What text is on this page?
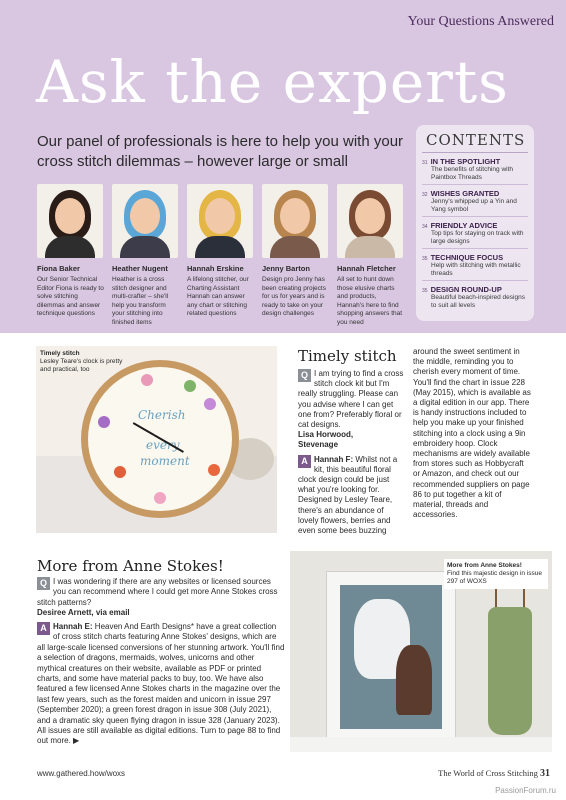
Your Questions Answered
Ask the experts
Our panel of professionals is here to help you with your cross stitch dilemmas – however large or small
Fiona Baker
Our Senior Technical Editor Fiona is ready to solve stitching dilemmas and answer technique questions
Heather Nugent
Heather is a cross stitch designer and multi-crafter – she'll help you transform your stitching into finished items
Hannah Erskine
A lifelong stitcher, our Charting Assistant Hannah can answer any chart or stitching related questions
Jenny Barton
Design pro Jenny has been creating projects for us for years and is ready to take on your design challenges
Hannah Fletcher
All set to hunt down those elusive charts and products, Hannah's here to find shopping answers that you need
CONTENTS
31 IN THE SPOTLIGHT
The benefits of stitching with Paintbox Threads
32 WISHES GRANTED
Jenny's whipped up a Yin and Yang symbol
34 FRIENDLY ADVICE
Top tips for staying on track with large designs
35 TECHNIQUE FOCUS
Help with stitching with metallic threads
35 DESIGN ROUND-UP
Beautiful beach-inspired designs to suit all levels
Cherish
every
moment
Timely stitch
Lesley Teare's clock is pretty and practical, too
Timely stitch
Q I am trying to find a cross stitch clock kit but I'm really struggling. Please can you advise where I can get one from? Preferably floral or cat designs.
Lisa Horwood,
Stevenage
A Hannah F: Whilst not a kit, this beautiful floral clock design could be just what you're looking for. Designed by Lesley Teare, there's an abundance of lovely flowers, berries and even some bees buzzing
around the sweet sentiment in the middle, reminding you to cherish every moment of time. You'll find the chart in issue 228 (May 2015), which is available as a digital edition in our app. There is handy instructions included to help you make up your finished stitching into a clock using a 9in embroidery hoop. Clock mechanisms are widely available from stores such as Hobbycraft or Amazon, and check out our recommended suppliers on page 86 to put together a kit of material, threads and accessories.
More from Anne Stokes!
Q I was wondering if there are any websites or licensed sources you can recommend where I could get more Anne Stokes cross stitch patterns?
Desiree Arnett, via email
A Hannah E: Heaven And Earth Designs* have a great collection of cross stitch charts featuring Anne Stokes' designs, which are all large-scale licensed conversions of her stunning artwork. You'll find a selection of dragons, mermaids, wolves, unicorns and other mythical creatures on their website, available as PDF or printed charts, and some have material packs to buy, too. We have also featured a few licensed Anne Stokes charts in the magazine over the last few years, such as the forest maiden and unicorn in issue 297 (September 2020); a green forest dragon in issue 308 (July 2021), and a dramatic sky queen flying dragon in issue 328 (January 2023). All issues are still available as digital editions. Turn to page 88 to find out more. ▶
More from Anne Stokes!
Find this majestic design in issue 297 of WOXS
www.gathered.how/woxs	The World of Cross Stitching 31
PassionForum.ru
